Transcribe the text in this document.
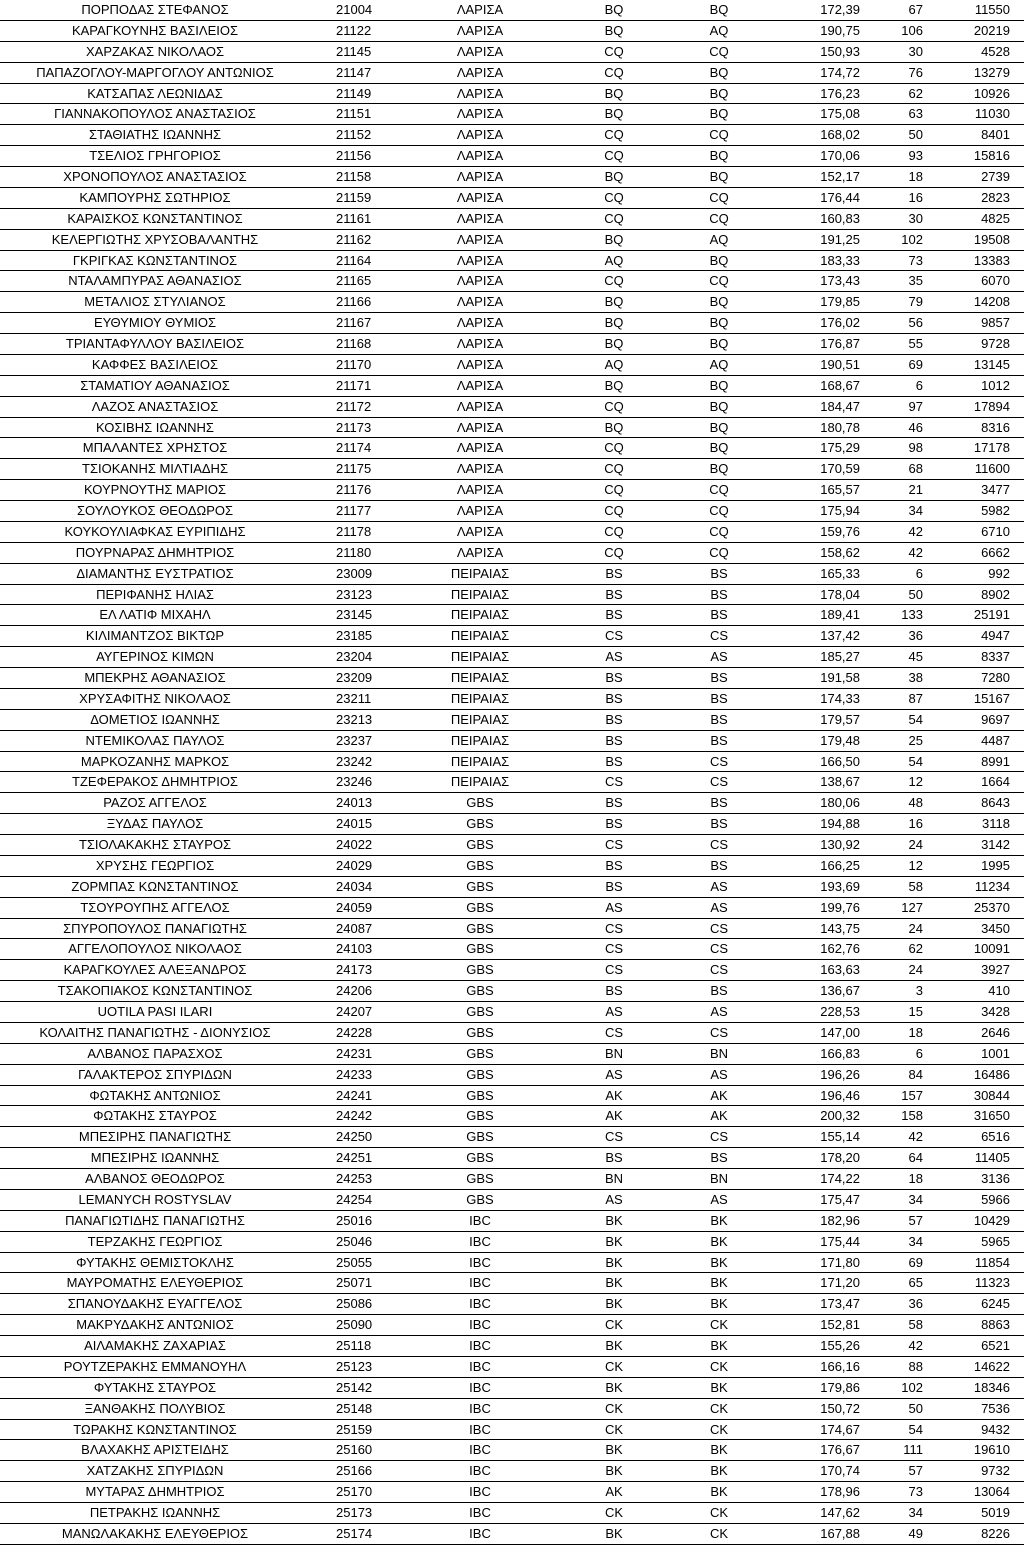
ΠΟΡΠΟΔΑΣ ΣΤΕΦΑΝΟΣ	21004	ΛΑΡΙΣΑ	BQ	BQ	172,39	67	11550
ΚΑΡΑΓΚΟΥΝΗΣ ΒΑΣΙΛΕΙΟΣ	21122	ΛΑΡΙΣΑ	BQ	AQ	190,75	106	20219
ΧΑΡΖΑΚΑΣ ΝΙΚΟΛΑΟΣ	21145	ΛΑΡΙΣΑ	CQ	CQ	150,93	30	4528
ΠΑΠΑΖΟΓΛΟΥ-ΜΑΡΓΟΓΛΟΥ ΑΝΤΩΝΙΟΣ	21147	ΛΑΡΙΣΑ	CQ	BQ	174,72	76	13279
ΚΑΤΣΑΠΑΣ ΛΕΩΝΙΔΑΣ	21149	ΛΑΡΙΣΑ	BQ	BQ	176,23	62	10926
ΓΙΑΝΝΑΚΟΠΟΥΛΟΣ ΑΝΑΣΤΑΣΙΟΣ	21151	ΛΑΡΙΣΑ	BQ	BQ	175,08	63	11030
ΣΤΑΘΙΑΤΗΣ ΙΩΑΝΝΗΣ	21152	ΛΑΡΙΣΑ	CQ	CQ	168,02	50	8401
ΤΣΕΛΙΟΣ ΓΡΗΓΟΡΙΟΣ	21156	ΛΑΡΙΣΑ	CQ	BQ	170,06	93	15816
ΧΡΟΝΟΠΟΥΛΟΣ ΑΝΑΣΤΑΣΙΟΣ	21158	ΛΑΡΙΣΑ	BQ	BQ	152,17	18	2739
ΚΑΜΠΟΥΡΗΣ ΣΩΤΗΡΙΟΣ	21159	ΛΑΡΙΣΑ	CQ	CQ	176,44	16	2823
ΚΑΡΑΙΣΚΟΣ ΚΩΝΣΤΑΝΤΙΝΟΣ	21161	ΛΑΡΙΣΑ	CQ	CQ	160,83	30	4825
ΚΕΛΕΡΓΙΩΤΗΣ ΧΡΥΣΟΒΑΛΑΝΤΗΣ	21162	ΛΑΡΙΣΑ	BQ	AQ	191,25	102	19508
ΓΚΡΙΓΚΑΣ ΚΩΝΣΤΑΝΤΙΝΟΣ	21164	ΛΑΡΙΣΑ	AQ	BQ	183,33	73	13383
ΝΤΑΛΑΜΠΥΡΑΣ ΑΘΑΝΑΣΙΟΣ	21165	ΛΑΡΙΣΑ	CQ	CQ	173,43	35	6070
ΜΕΤΑΛΙΟΣ ΣΤΥΛΙΑΝΟΣ	21166	ΛΑΡΙΣΑ	BQ	BQ	179,85	79	14208
ΕΥΘΥΜΙΟΥ ΘΥΜΙΟΣ	21167	ΛΑΡΙΣΑ	BQ	BQ	176,02	56	9857
ΤΡΙΑΝΤΑΦΥΛΛΟΥ ΒΑΣΙΛΕΙΟΣ	21168	ΛΑΡΙΣΑ	BQ	BQ	176,87	55	9728
ΚΑΦΦΕΣ ΒΑΣΙΛΕΙΟΣ	21170	ΛΑΡΙΣΑ	AQ	AQ	190,51	69	13145
ΣΤΑΜΑΤΙΟΥ ΑΘΑΝΑΣΙΟΣ	21171	ΛΑΡΙΣΑ	BQ	BQ	168,67	6	1012
ΛΑΖΟΣ ΑΝΑΣΤΑΣΙΟΣ	21172	ΛΑΡΙΣΑ	CQ	BQ	184,47	97	17894
ΚΟΣΙΒΗΣ ΙΩΑΝΝΗΣ	21173	ΛΑΡΙΣΑ	BQ	BQ	180,78	46	8316
ΜΠΑΛΑΝΤΕΣ ΧΡΗΣΤΟΣ	21174	ΛΑΡΙΣΑ	CQ	BQ	175,29	98	17178
ΤΣΙΟΚΑΝΗΣ ΜΙΛΤΙΑΔΗΣ	21175	ΛΑΡΙΣΑ	CQ	BQ	170,59	68	11600
ΚΟΥΡΝΟΥΤΗΣ ΜΑΡΙΟΣ	21176	ΛΑΡΙΣΑ	CQ	CQ	165,57	21	3477
ΣΟΥΛΟΥΚΟΣ ΘΕΟΔΩΡΟΣ	21177	ΛΑΡΙΣΑ	CQ	CQ	175,94	34	5982
ΚΟΥΚΟΥΛΙΑΦΚΑΣ ΕΥΡΙΠΙΔΗΣ	21178	ΛΑΡΙΣΑ	CQ	CQ	159,76	42	6710
ΠΟΥΡΝΑΡΑΣ ΔΗΜΗΤΡΙΟΣ	21180	ΛΑΡΙΣΑ	CQ	CQ	158,62	42	6662
ΔΙΑΜΑΝΤΗΣ ΕΥΣΤΡΑΤΙΟΣ	23009	ΠΕΙΡΑΙΑΣ	BS	BS	165,33	6	992
ΠΕΡΙΦΑΝΗΣ ΗΛΙΑΣ	23123	ΠΕΙΡΑΙΑΣ	BS	BS	178,04	50	8902
ΕΛ ΛΑΤΙΦ ΜΙΧΑΗΛ	23145	ΠΕΙΡΑΙΑΣ	BS	BS	189,41	133	25191
ΚΙΛΙΜΑΝΤΖΟΣ ΒΙΚΤΩΡ	23185	ΠΕΙΡΑΙΑΣ	CS	CS	137,42	36	4947
ΑΥΓΕΡΙΝΟΣ ΚΙΜΩΝ	23204	ΠΕΙΡΑΙΑΣ	AS	AS	185,27	45	8337
ΜΠΕΚΡΗΣ ΑΘΑΝΑΣΙΟΣ	23209	ΠΕΙΡΑΙΑΣ	BS	BS	191,58	38	7280
ΧΡΥΣΑΦΙΤΗΣ ΝΙΚΟΛΑΟΣ	23211	ΠΕΙΡΑΙΑΣ	BS	BS	174,33	87	15167
ΔΟΜΕΤΙΟΣ ΙΩΑΝΝΗΣ	23213	ΠΕΙΡΑΙΑΣ	BS	BS	179,57	54	9697
ΝΤΕΜΙΚΟΛΑΣ ΠΑΥΛΟΣ	23237	ΠΕΙΡΑΙΑΣ	BS	BS	179,48	25	4487
ΜΑΡΚΟΖΑΝΗΣ ΜΑΡΚΟΣ	23242	ΠΕΙΡΑΙΑΣ	BS	CS	166,50	54	8991
ΤΖΕΦΕΡΑΚΟΣ ΔΗΜΗΤΡΙΟΣ	23246	ΠΕΙΡΑΙΑΣ	CS	CS	138,67	12	1664
ΡΑΖΟΣ ΑΓΓΕΛΟΣ	24013	GBS	BS	BS	180,06	48	8643
ΞΥΔΑΣ ΠΑΥΛΟΣ	24015	GBS	BS	BS	194,88	16	3118
ΤΣΙΟΛΑΚΑΚΗΣ ΣΤΑΥΡΟΣ	24022	GBS	CS	CS	130,92	24	3142
ΧΡΥΣΗΣ ΓΕΩΡΓΙΟΣ	24029	GBS	BS	BS	166,25	12	1995
ΖΟΡΜΠΑΣ ΚΩΝΣΤΑΝΤΙΝΟΣ	24034	GBS	BS	AS	193,69	58	11234
ΤΣΟΥΡΟΥΠΗΣ ΑΓΓΕΛΟΣ	24059	GBS	AS	AS	199,76	127	25370
ΣΠΥΡΟΠΟΥΛΟΣ ΠΑΝΑΓΙΩΤΗΣ	24087	GBS	CS	CS	143,75	24	3450
ΑΓΓΕΛΟΠΟΥΛΟΣ ΝΙΚΟΛΑΟΣ	24103	GBS	CS	CS	162,76	62	10091
ΚΑΡΑΓΚΟΥΛΕΣ ΑΛΕΞΑΝΔΡΟΣ	24173	GBS	CS	CS	163,63	24	3927
ΤΣΑΚΟΠΙΑΚΟΣ ΚΩΝΣΤΑΝΤΙΝΟΣ	24206	GBS	BS	BS	136,67	3	410
UOTILA PASI ILARI	24207	GBS	AS	AS	228,53	15	3428
ΚΟΛΑΙΤΗΣ ΠΑΝΑΓΙΩΤΗΣ - ΔΙΟΝΥΣΙΟΣ	24228	GBS	CS	CS	147,00	18	2646
ΑΛΒΑΝΟΣ ΠΑΡΑΣΧΟΣ	24231	GBS	BN	BN	166,83	6	1001
ΓΑΛΑΚΤΕΡΟΣ ΣΠΥΡΙΔΩΝ	24233	GBS	AS	AS	196,26	84	16486
ΦΩΤΑΚΗΣ ΑΝΤΩΝΙΟΣ	24241	GBS	AK	AK	196,46	157	30844
ΦΩΤΑΚΗΣ ΣΤΑΥΡΟΣ	24242	GBS	AK	AK	200,32	158	31650
ΜΠΕΣΙΡΗΣ ΠΑΝΑΓΙΩΤΗΣ	24250	GBS	CS	CS	155,14	42	6516
ΜΠΕΣΙΡΗΣ ΙΩΑΝΝΗΣ	24251	GBS	BS	BS	178,20	64	11405
ΑΛΒΑΝΟΣ ΘΕΟΔΩΡΟΣ	24253	GBS	BN	BN	174,22	18	3136
LEMANYCH ROSTYSLAV	24254	GBS	AS	AS	175,47	34	5966
ΠΑΝΑΓΙΩΤΙΔΗΣ ΠΑΝΑΓΙΩΤΗΣ	25016	IBC	BK	BK	182,96	57	10429
ΤΕΡΖΑΚΗΣ ΓΕΩΡΓΙΟΣ	25046	IBC	BK	BK	175,44	34	5965
ΦΥΤΑΚΗΣ ΘΕΜΙΣΤΟΚΛΗΣ	25055	IBC	BK	BK	171,80	69	11854
ΜΑΥΡΟΜΑΤΗΣ ΕΛΕΥΘΕΡΙΟΣ	25071	IBC	BK	BK	171,20	65	11323
ΣΠΑΝΟΥΔΑΚΗΣ ΕΥΑΓΓΕΛΟΣ	25086	IBC	BK	BK	173,47	36	6245
ΜΑΚΡΥΔΑΚΗΣ ΑΝΤΩΝΙΟΣ	25090	IBC	CK	CK	152,81	58	8863
ΑΙΛΑΜΑΚΗΣ ΖΑΧΑΡΙΑΣ	25118	IBC	BK	BK	155,26	42	6521
ΡΟΥΤΖΕΡΑΚΗΣ ΕΜΜΑΝΟΥΗΛ	25123	IBC	CK	CK	166,16	88	14622
ΦΥΤΑΚΗΣ ΣΤΑΥΡΟΣ	25142	IBC	BK	BK	179,86	102	18346
ΞΑΝΘΑΚΗΣ ΠΟΛΥΒΙΟΣ	25148	IBC	CK	CK	150,72	50	7536
ΤΩΡΑΚΗΣ ΚΩΝΣΤΑΝΤΙΝΟΣ	25159	IBC	CK	CK	174,67	54	9432
ΒΛΑΧΑΚΗΣ ΑΡΙΣΤΕΙΔΗΣ	25160	IBC	BK	BK	176,67	111	19610
ΧΑΤΖΑΚΗΣ ΣΠΥΡΙΔΩΝ	25166	IBC	BK	BK	170,74	57	9732
ΜΥΤΑΡΑΣ ΔΗΜΗΤΡΙΟΣ	25170	IBC	AK	BK	178,96	73	13064
ΠΕΤΡΑΚΗΣ ΙΩΑΝΝΗΣ	25173	IBC	CK	CK	147,62	34	5019
ΜΑΝΩΛΑΚΑΚΗΣ ΕΛΕΥΘΕΡΙΟΣ	25174	IBC	BK	CK	167,88	49	8226
